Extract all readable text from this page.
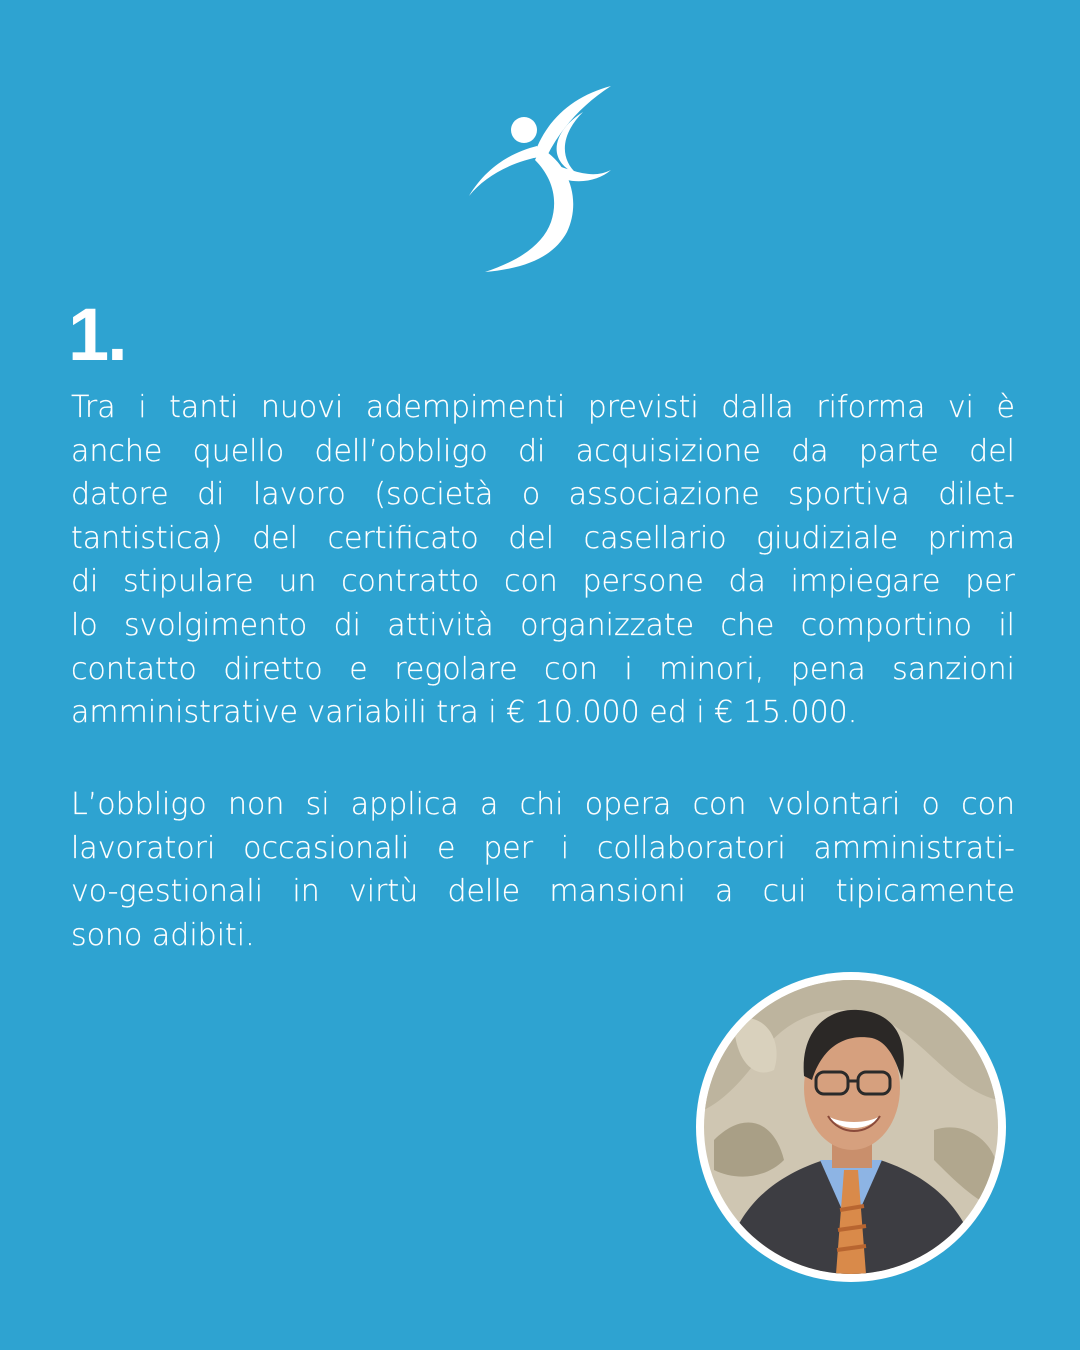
1.

Tra i tanti nuovi adempimenti previsti dalla riforma vi è
anche quello dell’obbligo di acquisizione da parte del
datore di lavoro (società o associazione sportiva dilet-
tantistica) del certificato del casellario giudiziale prima
di stipulare un contratto con persone da impiegare per
lo svolgimento di attività organizzate che comportino il
contatto diretto e regolare con i minori, pena sanzioni
amministrative variabili tra i € 10.000 ed i € 15.000.

L’obbligo non si applica a chi opera con volontari o con
lavoratori occasionali e per i collaboratori amministrati-
vo-gestionali in virtù delle mansioni a cui tipicamente
sono adibiti.
